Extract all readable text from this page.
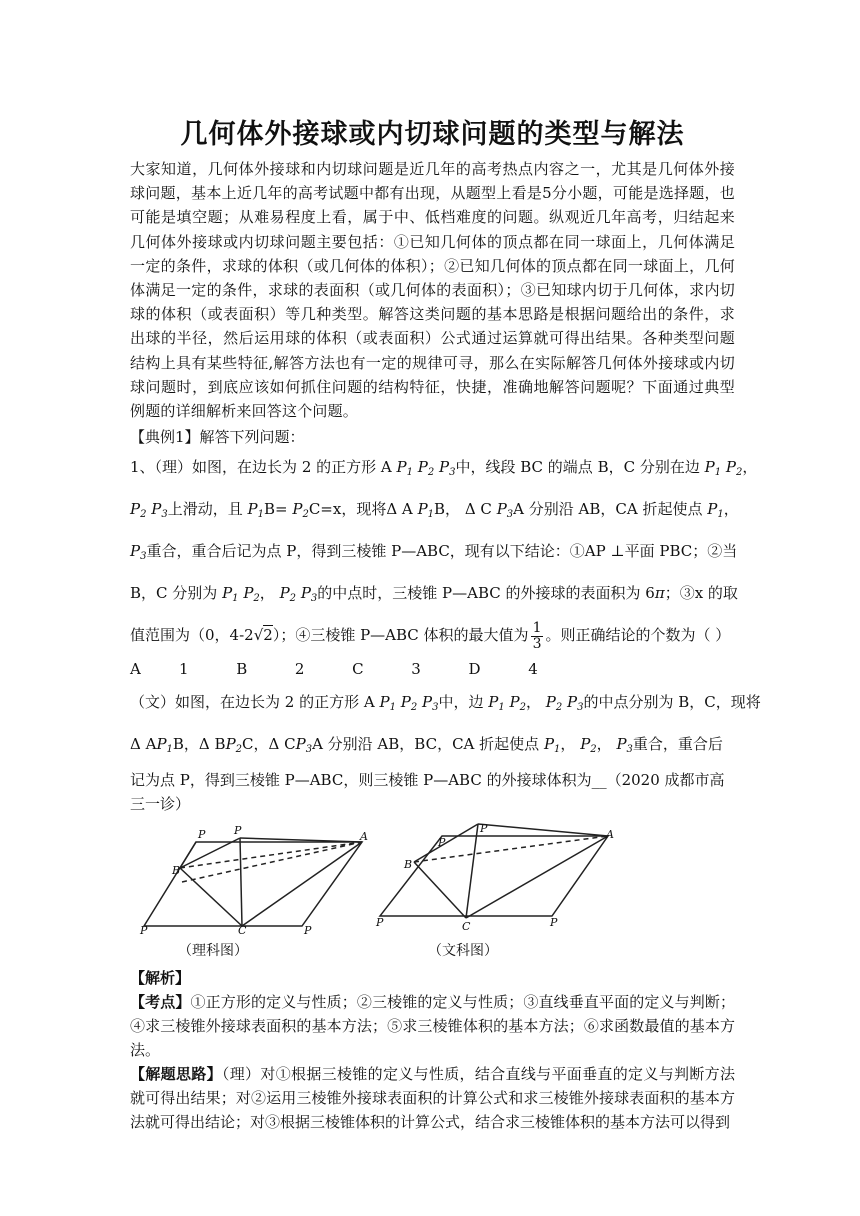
几何体外接球或内切球问题的类型与解法

大家知道，几何体外接球和内切球问题是近几年的高考热点内容之一，尤其是几何体外接球问题，基本上近几年的高考试题中都有出现，从题型上看是5分小题，可能是选择题，也可能是填空题；从难易程度上看，属于中、低档难度的问题。纵观近几年高考，归结起来几何体外接球或内切球问题主要包括：①已知几何体的顶点都在同一球面上，几何体满足一定的条件，求球的体积（或几何体的体积）；②已知几何体的顶点都在同一球面上，几何体满足一定的条件，求球的表面积（或几何体的表面积）；③已知球内切于几何体，求内切球的体积（或表面积）等几种类型。解答这类问题的基本思路是根据问题给出的条件，求出球的半径，然后运用球的体积（或表面积）公式通过运算就可得出结果。各种类型问题结构上具有某些特征,解答方法也有一定的规律可寻，那么在实际解答几何体外接球或内切球问题时，到底应该如何抓住问题的结构特征，快捷，准确地解答问题呢？下面通过典型例题的详细解析来回答这个问题。

【典例1】解答下列问题：

1、（理）如图，在边长为 2 的正方形 A $P_1$ $P_2$ $P_3$中，线段 BC 的端点 B，C 分别在边 $P_1$ $P_2$，

$P_2$ $P_3$上滑动，且 $P_1B= P_2C=x$，现将Δ A $P_1B$， Δ C $P_3A$ 分别沿 AB，CA 折起使点 $P_1$，

$P_3$重合，重合后记为点 P，得到三棱锥 P—ABC，现有以下结论：①AP ⊥平面 PBC；②当

B，C 分别为 $P_1$ $P_2$， $P_2$ $P_3$的中点时，三棱锥 P—ABC 的外接球的表面积为 6π；③x 的取

值范围为（0，4-2√2）；④三棱锥 P—ABC 体积的最大值为 $\frac{1}{3}$ 。则正确结论的个数为（ ）

A        1          B          2          C          3          D          4

（文）如图，在边长为 2 的正方形 A $P_1$ $P_2$ $P_3$中，边 $P_1$ $P_2$， $P_2$ $P_3$的中点分别为 B，C，现将

Δ $AP_1B$，Δ $BP_2C$，Δ $CP_3A$ 分别沿 AB，BC，CA 折起使点 $P_1$， $P_2$， $P_3$重合，重合后

记为点 P，得到三棱锥 P—ABC，则三棱锥 P—ABC 的外接球体积为__（2020 成都市高三一诊）

P	P
B
C
A
P	P
P
P
B
C
A
P	P
（理科图）	（文科图）

【解析】

【考点】①正方形的定义与性质；②三棱锥的定义与性质；③直线垂直平面的定义与判断；④求三棱锥外接球表面积的基本方法；⑤求三棱锥体积的基本方法；⑥求函数最值的基本方法。

【解题思路】（理）对①根据三棱锥的定义与性质，结合直线与平面垂直的定义与判断方法就可得出结果；对②运用三棱锥外接球表面积的计算公式和求三棱锥外接球表面积的基本方法就可得出结论；对③根据三棱锥体积的计算公式，结合求三棱锥体积的基本方法可以得到
